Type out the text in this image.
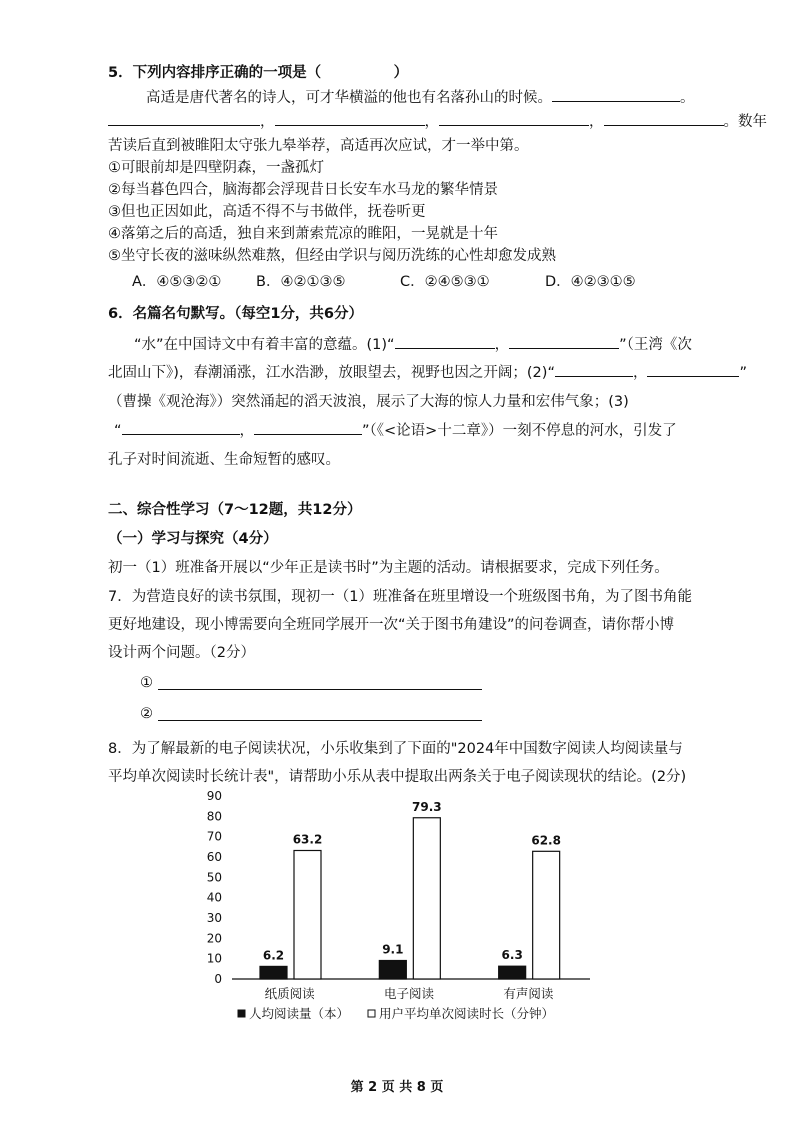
5．下列内容排序正确的一项是（　　　　　）
高适是唐代著名的诗人，可才华横溢的他也有名落孙山的时候。	。
，	，	，	。数年
苦读后直到被睢阳太守张九皋举荐，高适再次应试，才一举中第。
①可眼前却是四壁阴森，一盏孤灯
②每当暮色四合，脑海都会浮现昔日长安车水马龙的繁华情景
③但也正因如此，高适不得不与书做伴，抚卷听更
④落第之后的高适，独自来到萧索荒凉的睢阳，一晃就是十年
⑤坐守长夜的滋味纵然难熬，但经由学识与阅历洗练的心性却愈发成熟
A．④⑤③②① B．④②①③⑤	C．②④⑤③①	D．④②③①⑤
6．名篇名句默写。（每空1分，共6分）
“水”在中国诗文中有着丰富的意蕴。(1)“	，	”（王湾《次
北固山下》)，春潮涌涨，江水浩渺，放眼望去，视野也因之开阔；(2)“	，	”
（曹操《观沧海》）突然涌起的滔天波浪，展示了大海的惊人力量和宏伟气象；(3)
“	，	”（《<论语>十二章》）一刻不停息的河水，引发了
孔子对时间流逝、生命短暂的感叹。
二、综合性学习（7～12题，共12分）
（一）学习与探究（4分）
初一（1）班准备开展以“少年正是读书时”为主题的活动。请根据要求，完成下列任务。
7．为营造良好的读书氛围，现初一（1）班准备在班里增设一个班级图书角，为了图书角能
更好地建设，现小博需要向全班同学展开一次“关于图书角建设”的问卷调查，请你帮小博
设计两个问题。（2分）
①
②
8．为了解最新的电子阅读状况，小乐收集到了下面的"2024年中国数字阅读人均阅读量与
平均单次阅读时长统计表"，请帮助小乐从表中提取出两条关于电子阅读现状的结论。(2分)
0
10
20
30
40
50
60
70
80
90
6.2
63.2
纸质阅读
9.1
79.3
电子阅读
6.3
62.8
有声阅读
人均阅读量（本） 用户平均单次阅读时长（分钟）
第 2 页 共 8 页
